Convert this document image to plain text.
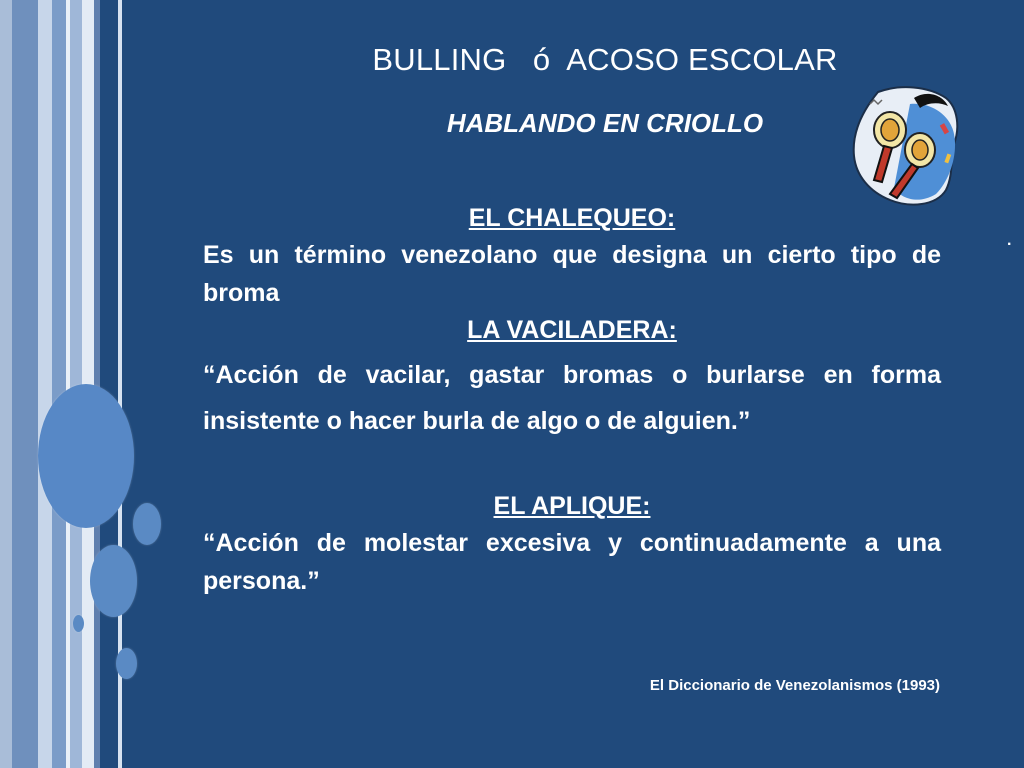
BULLING   ó  ACOSO ESCOLAR
HABLANDO EN CRIOLLO
.
EL CHALEQUEO:
Es un término venezolano que designa un cierto tipo de broma
LA VACILADERA:
“Acción de vacilar, gastar bromas o burlarse en forma insistente o hacer burla de algo o de alguien.”
EL APLIQUE:
“Acción de molestar excesiva y continuadamente a una persona.”
El Diccionario de Venezolanismos (1993)
